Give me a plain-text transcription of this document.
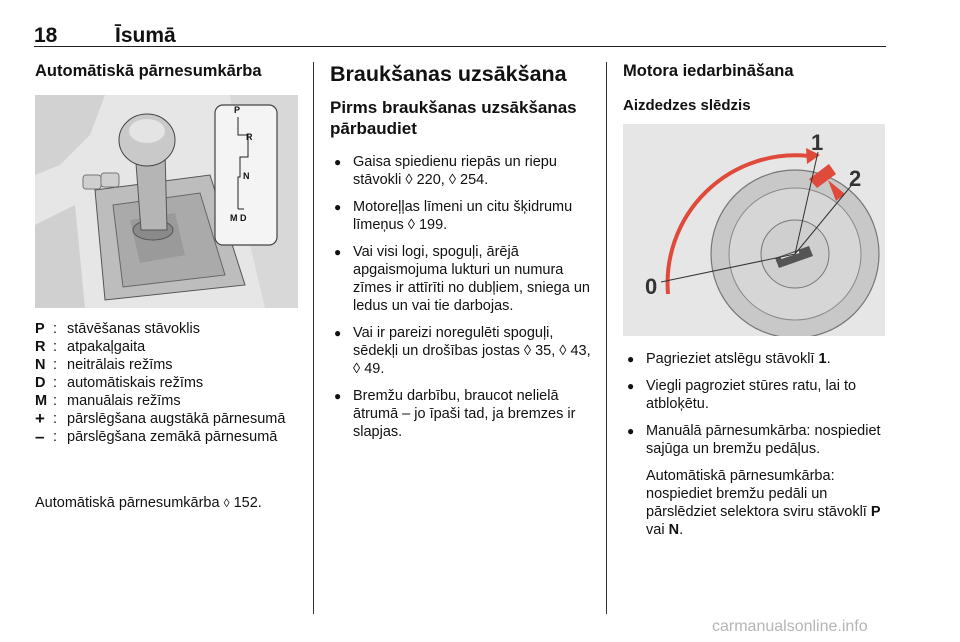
18	Īsumā
Automātiskā pārnesumkārba
P
R
N
M D
P : stāvēšanas stāvoklis
R : atpakaļgaita
N : neitrālais režīms
D : automātiskais režīms
M : manuālais režīms
+ : pārslēgšana augstākā pārnesumā
– : pārslēgšana zemākā pārnesumā
Automātiskā pārnesumkārba ◊ 152.
Braukšanas uzsākšana
Pirms braukšanas uzsākšanas pārbaudiet
● Gaisa spiedienu riepās un riepu stāvokli ◊ 220, ◊ 254.
● Motoreļļas līmeni un citu šķidrumu līmeņus ◊ 199.
● Vai visi logi, spoguļi, ārējā apgaismojuma lukturi un numura zīmes ir attīrīti no dubļiem, sniega un ledus un vai tie darbojas.
● Vai ir pareizi noregulēti spoguļi, sēdekļi un drošības jostas ◊ 35, ◊ 43, ◊ 49.
● Bremžu darbību, braucot nelielā ātrumā – jo īpaši tad, ja bremzes ir slapjas.
Motora iedarbināšana
Aizdedzes slēdzis
0
1
2
● Pagrieziet atslēgu stāvoklī 1.
● Viegli pagroziet stūres ratu, lai to atbloķētu.
● Manuālā pārnesumkārba: nospiediet sajūga un bremžu pedāļus.
Automātiskā pārnesumkārba: nospiediet bremžu pedāli un pārslēdziet selektora sviru stāvoklī P vai N.
carmanualsonline.info
